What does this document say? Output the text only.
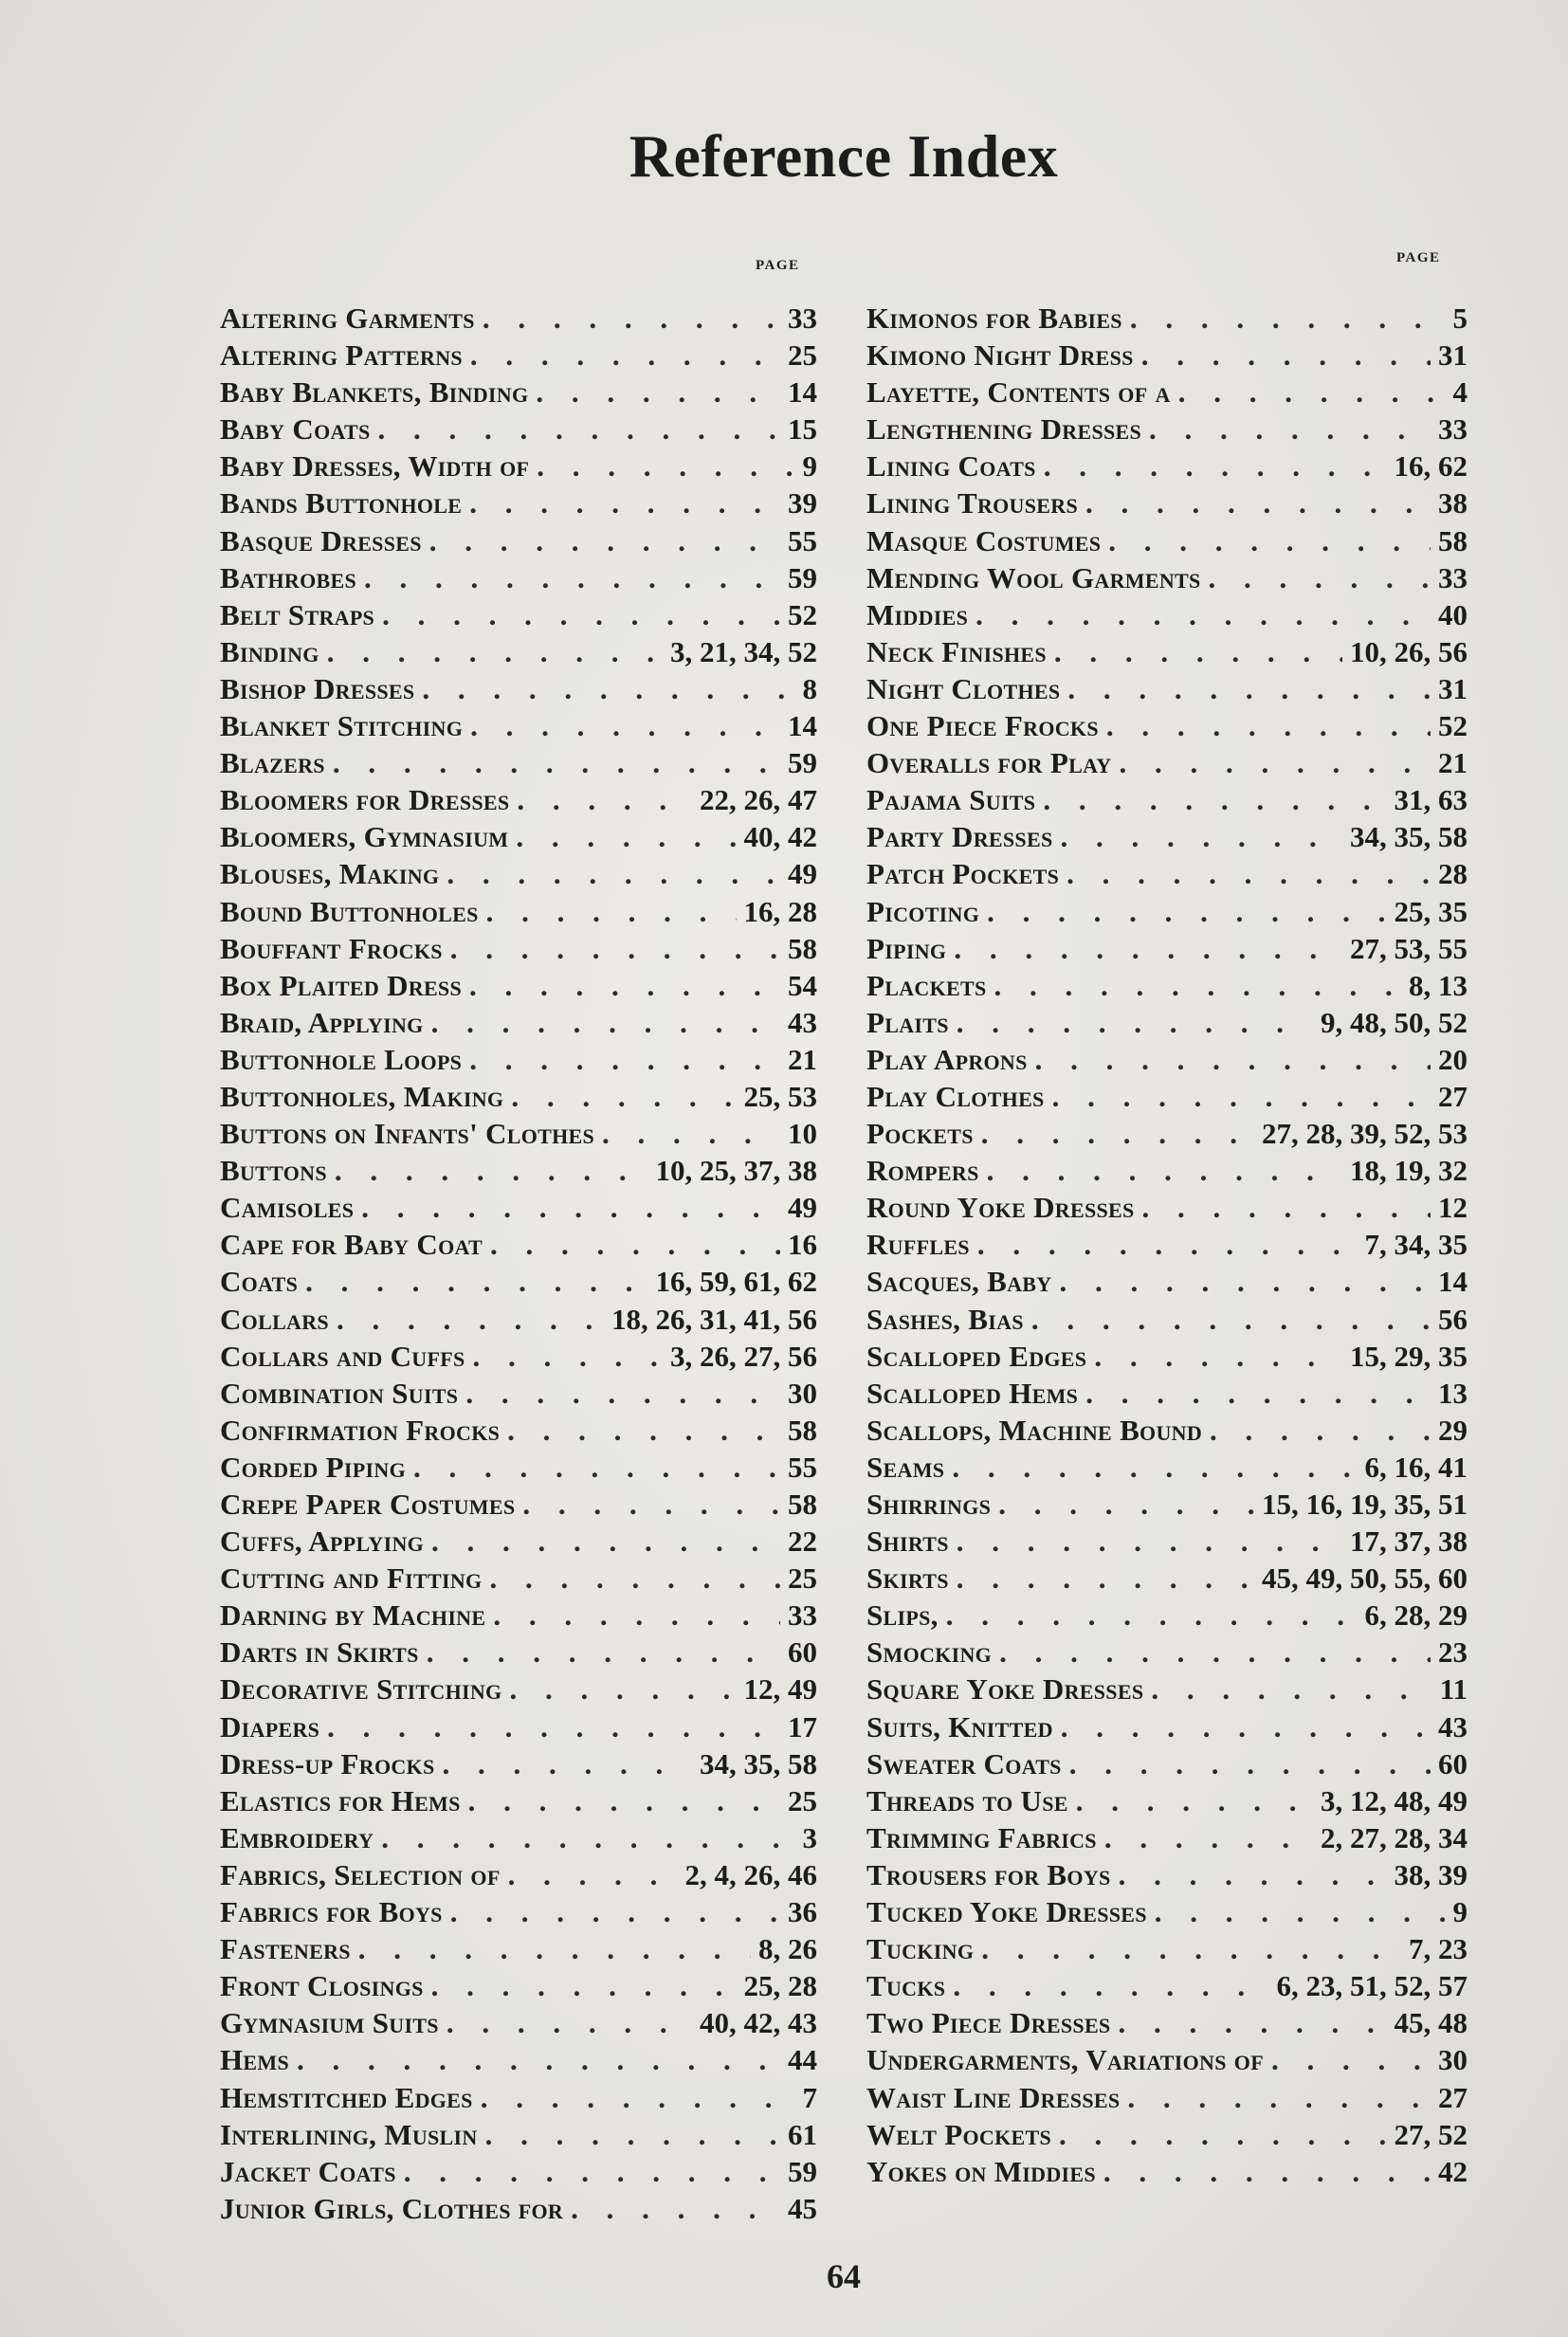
Reference Index
page	page
Altering Garments . . .	33
Altering Patterns . . .	25
Baby Blankets, Binding . . .	14
Baby Coats . . .	15
Baby Dresses, Width of . . .	9
Bands Buttonhole . . .	39
Basque Dresses . . .	55
Bathrobes . . .	59
Belt Straps . . .	52
Binding . . .	3, 21, 34, 52
Bishop Dresses . . .	8
Blanket Stitching . . .	14
Blazers . . .	59
Bloomers for Dresses . . .	22, 26, 47
Bloomers, Gymnasium . . .	40, 42
Blouses, Making . . .	49
Bound Buttonholes . . .	16, 28
Bouffant Frocks . . .	58
Box Plaited Dress . . .	54
Braid, Applying . . .	43
Buttonhole Loops . . .	21
Buttonholes, Making . . .	25, 53
Buttons on Infants' Clothes . . .	10
Buttons . . .	10, 25, 37, 38
Camisoles . . .	49
Cape for Baby Coat . . .	16
Coats . . .	16, 59, 61, 62
Collars . . .	18, 26, 31, 41, 56
Collars and Cuffs . . .	3, 26, 27, 56
Combination Suits . . .	30
Confirmation Frocks . . .	58
Corded Piping . . .	55
Crepe Paper Costumes . . .	58
Cuffs, Applying . . .	22
Cutting and Fitting . . .	25
Darning by Machine . . .	33
Darts in Skirts . . .	60
Decorative Stitching . . .	12, 49
Diapers . . .	17
Dress-up Frocks . . .	34, 35, 58
Elastics for Hems . . .	25
Embroidery . . .	3
Fabrics, Selection of . . .	2, 4, 26, 46
Fabrics for Boys . . .	36
Fasteners . . .	8, 26
Front Closings . . .	25, 28
Gymnasium Suits . . .	40, 42, 43
Hems . . .	44
Hemstitched Edges . . .	7
Interlining, Muslin . . .	61
Jacket Coats . . .	59
Junior Girls, Clothes for . . .	45
Kimonos for Babies . . .	5
Kimono Night Dress . . .	31
Layette, Contents of a . . .	4
Lengthening Dresses . . .	33
Lining Coats . . .	16, 62
Lining Trousers . . .	38
Masque Costumes . . .	58
Mending Wool Garments . . .	33
Middies . . .	40
Neck Finishes . . .	10, 26, 56
Night Clothes . . .	31
One Piece Frocks . . .	52
Overalls for Play . . .	21
Pajama Suits . . .	31, 63
Party Dresses . . .	34, 35, 58
Patch Pockets . . .	28
Picoting . . .	25, 35
Piping . . .	27, 53, 55
Plackets . . .	8, 13
Plaits . . .	9, 48, 50, 52
Play Aprons . . .	20
Play Clothes . . .	27
Pockets . . .	27, 28, 39, 52, 53
Rompers . . .	18, 19, 32
Round Yoke Dresses . . .	12
Ruffles . . .	7, 34, 35
Sacques, Baby . . .	14
Sashes, Bias . . .	56
Scalloped Edges . . .	15, 29, 35
Scalloped Hems . . .	13
Scallops, Machine Bound . . .	29
Seams . . .	6, 16, 41
Shirrings . . .	15, 16, 19, 35, 51
Shirts . . .	17, 37, 38
Skirts . . .	45, 49, 50, 55, 60
Slips, . . .	6, 28, 29
Smocking . . .	23
Square Yoke Dresses . . .	11
Suits, Knitted . . .	43
Sweater Coats . . .	60
Threads to Use . . .	3, 12, 48, 49
Trimming Fabrics . . .	2, 27, 28, 34
Trousers for Boys . . .	38, 39
Tucked Yoke Dresses . . .	9
Tucking . . .	7, 23
Tucks . . .	6, 23, 51, 52, 57
Two Piece Dresses . . .	45, 48
Undergarments, Variations of . . .	30
Waist Line Dresses . . .	27
Welt Pockets . . .	27, 52
Yokes on Middies . . .	42
64
